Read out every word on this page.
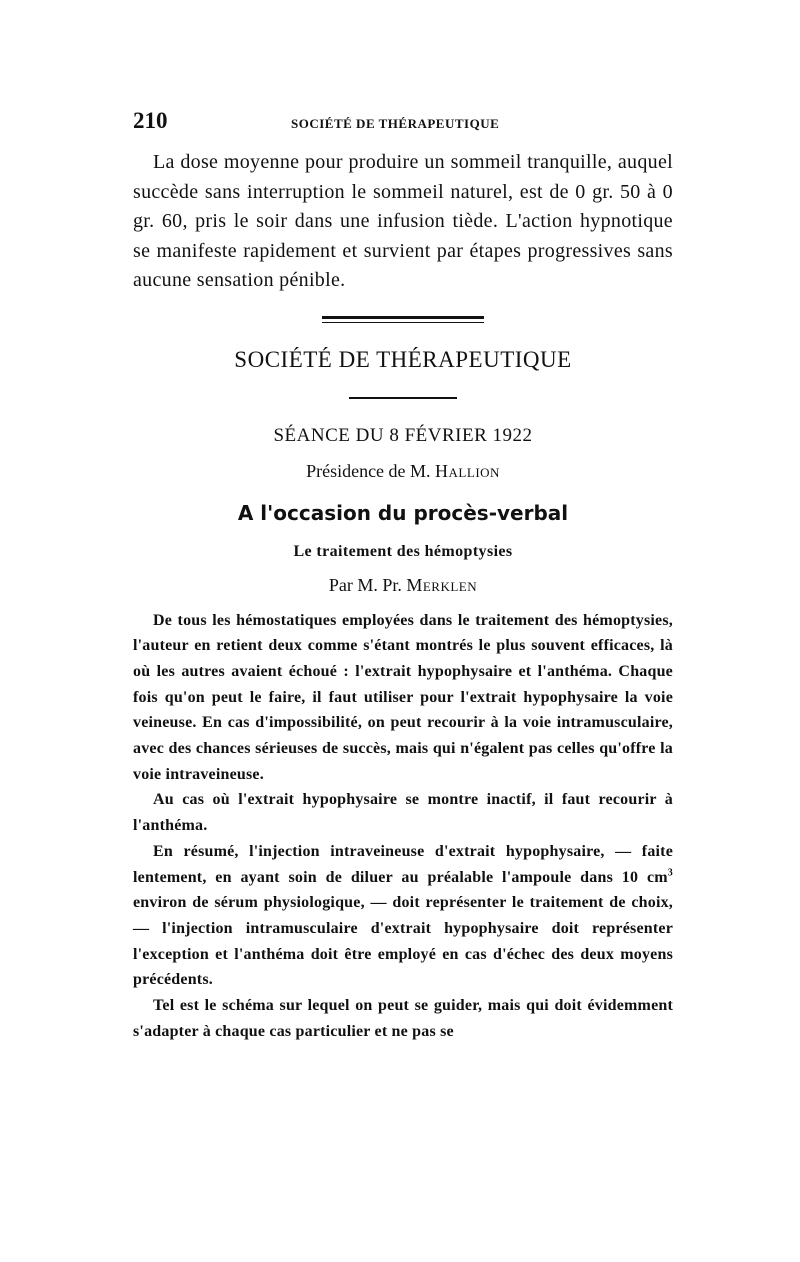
210	SOCIÉTÉ DE THÉRAPEUTIQUE

La dose moyenne pour produire un sommeil tranquille, auquel succède sans interruption le sommeil naturel, est de 0 gr. 50 à 0 gr. 60, pris le soir dans une infusion tiède. L'action hypnotique se manifeste rapidement et survient par étapes progressives sans aucune sensation pénible.

SOCIÉTÉ DE THÉRAPEUTIQUE
SÉANCE DU 8 FÉVRIER 1922
Présidence de M. Hallion
A l'occasion du procès-verbal
Le traitement des hémoptysies
Par M. Pr. Merklen

De tous les hémostatiques employées dans le traitement des hémoptysies, l'auteur en retient deux comme s'étant montrés le plus souvent efficaces, là où les autres avaient échoué : l'extrait hypophysaire et l'anthéma. Chaque fois qu'on peut le faire, il faut utiliser pour l'extrait hypophysaire la voie veineuse. En cas d'impossibilité, on peut recourir à la voie intramusculaire, avec des chances sérieuses de succès, mais qui n'égalent pas celles qu'offre la voie intraveineuse.

Au cas où l'extrait hypophysaire se montre inactif, il faut recourir à l'anthéma.

En résumé, l'injection intraveineuse d'extrait hypophysaire, — faite lentement, en ayant soin de diluer au préalable l'ampoule dans 10 $cm^3$ environ de sérum physiologique, — doit représenter le traitement de choix, — l'injection intramusculaire d'extrait hypophysaire doit représenter l'exception et l'anthéma doit être employé en cas d'échec des deux moyens précédents.

Tel est le schéma sur lequel on peut se guider, mais qui doit évidemment s'adapter à chaque cas particulier et ne pas se
